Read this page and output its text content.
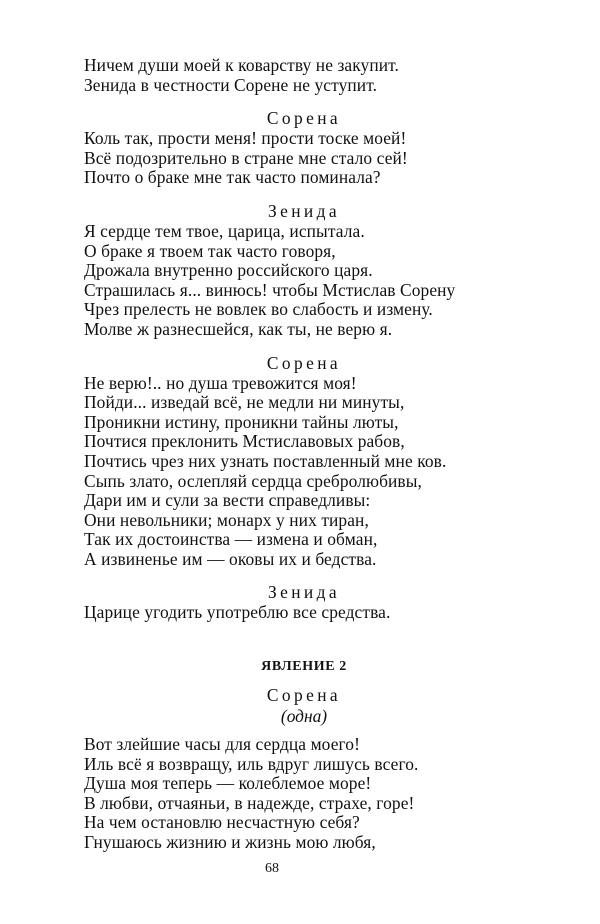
Ничем души моей к коварству не закупит.
Зенида в честности Сорене не уступит.
Сорена
Коль так, прости меня! прости тоске моей!
Всё подозрительно в стране мне стало сей!
Почто о браке мне так часто поминала?
Зенида
Я сердце тем твое, царица, испытала.
О браке я твоем так часто говоря,
Дрожала внутренно российского царя.
Страшилась я... винюсь! чтобы Мстислав Сорену
Чрез прелесть не вовлек во слабость и измену.
Молве ж разнесшейся, как ты, не верю я.
Сорена
Не верю!.. но душа тревожится моя!
Пойди... изведай всё, не медли ни минуты,
Проникни истину, проникни тайны люты,
Почтися преклонить Мстиславовых рабов,
Почтись чрез них узнать поставленный мне ков.
Сыпь злато, ослепляй сердца сребролюбивы,
Дари им и сули за вести справедливы:
Они невольники; монарх у них тиран,
Так их достоинства — измена и обман,
А извиненье им — оковы их и бедства.
Зенида
Царице угодить употреблю все средства.
ЯВЛЕНИЕ 2
Сорена
(одна)
Вот злейшие часы для сердца моего!
Иль всё я возвращу, иль вдруг лишусь всего.
Душа моя теперь — колеблемое море!
В любви, отчаяньи, в надежде, страхе, горе!
На чем остановлю несчастную себя?
Гнушаюсь жизнию и жизнь мою любя,
68
